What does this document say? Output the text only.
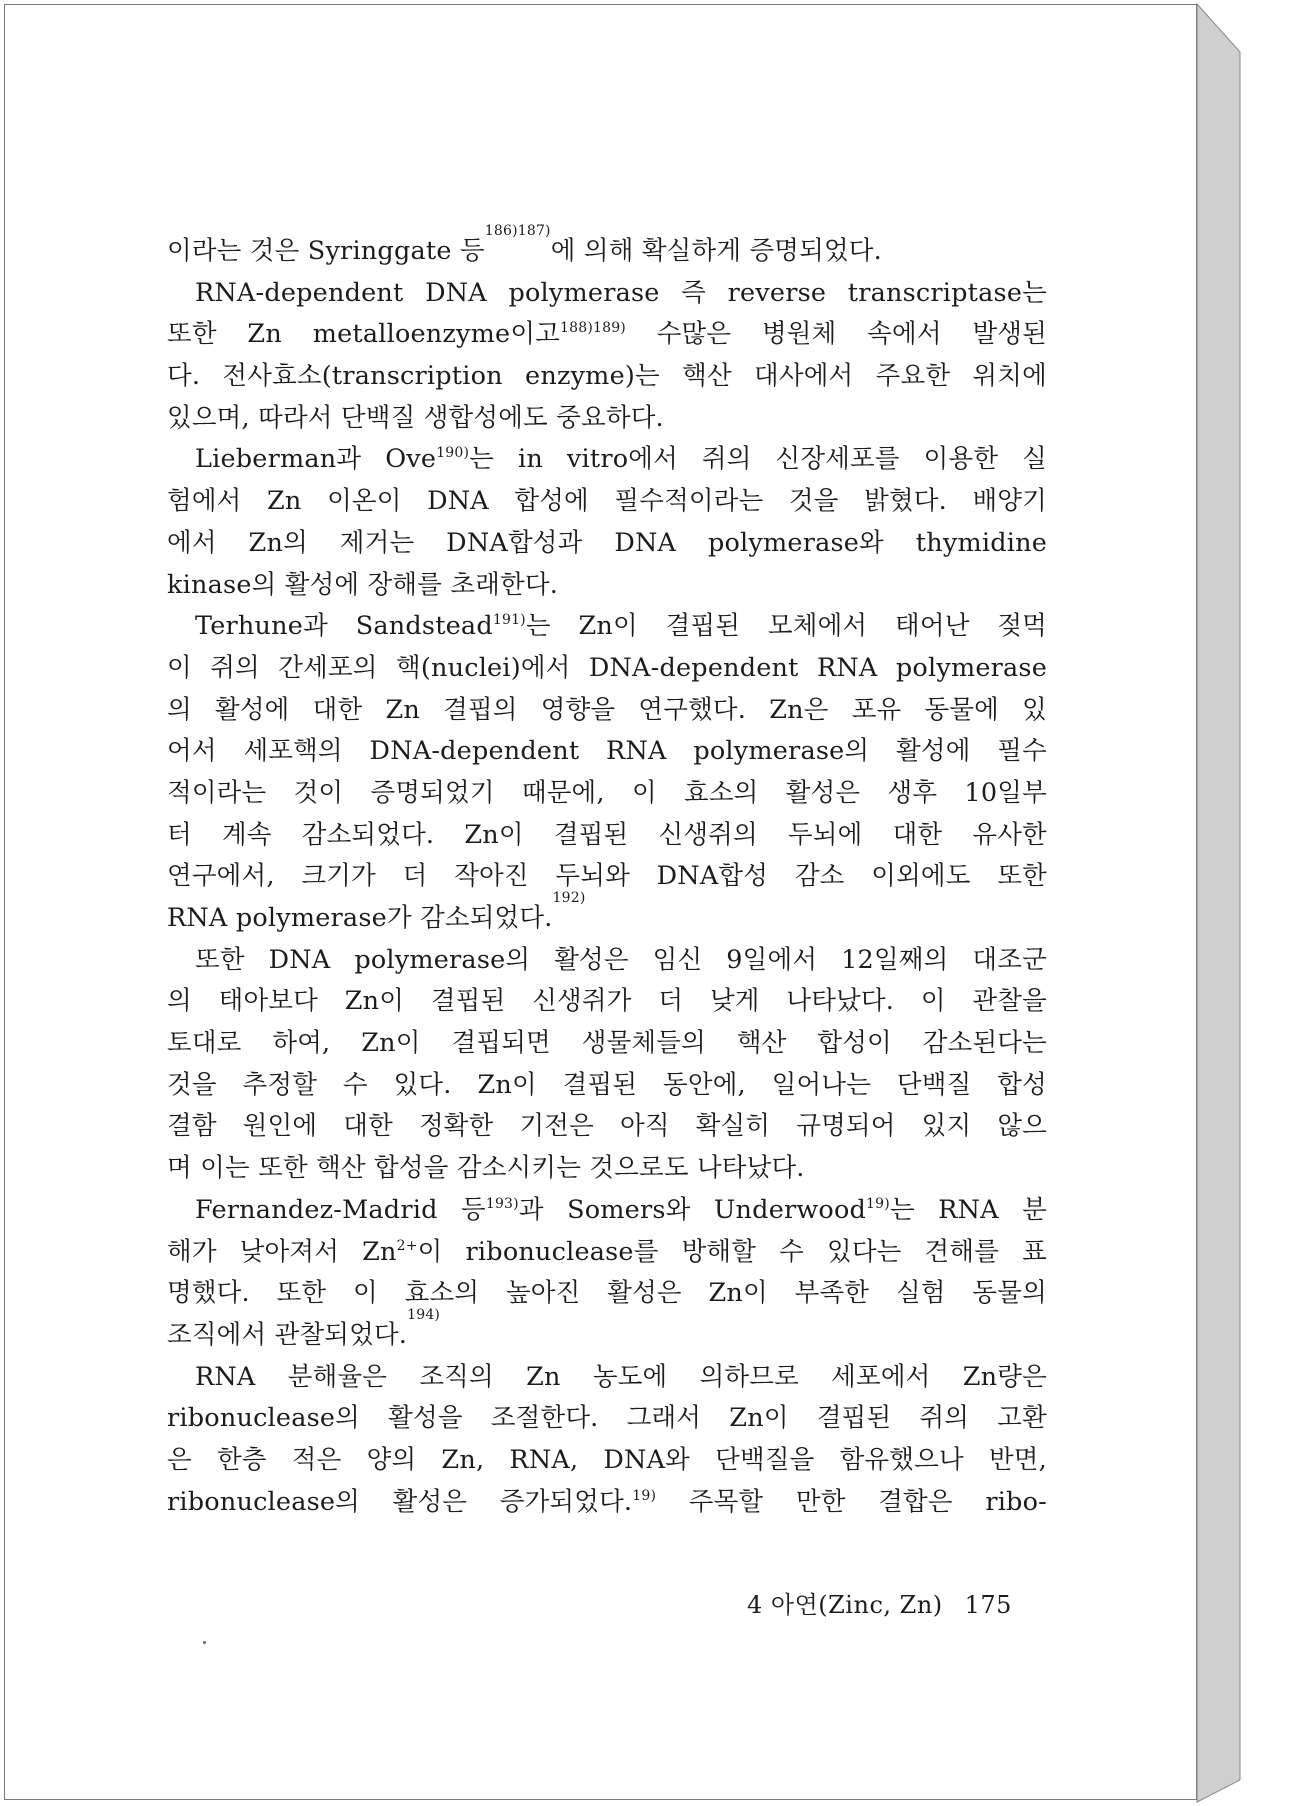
이라는 것은 Syringgate 등
186)187)
에 의해 확실하게 증명되었다.
RNA-dependent DNA polymerase 즉 reverse transcriptase는
또한 Zn metalloenzyme이고$^{188)189)}$ 수많은 병원체 속에서 발생된
다. 전사효소(transcription enzyme)는 핵산 대사에서 주요한 위치에
있으며, 따라서 단백질 생합성에도 중요하다.
Lieberman과 Ove$^{190)}$는 in vitro에서 쥐의 신장세포를 이용한 실
험에서 Zn 이온이 DNA 합성에 필수적이라는 것을 밝혔다. 배양기
에서 Zn의 제거는 DNA합성과 DNA polymerase와 thymidine
kinase의 활성에 장해를 초래한다.
Terhune과 Sandstead$^{191)}$는 Zn이 결핍된 모체에서 태어난 젖먹
이 쥐의 간세포의 핵(nuclei)에서 DNA-dependent RNA polymerase
의 활성에 대한 Zn 결핍의 영향을 연구했다. Zn은 포유 동물에 있
어서 세포핵의 DNA-dependent RNA polymerase의 활성에 필수
적이라는 것이 증명되었기 때문에, 이 효소의 활성은 생후 10일부
터 계속 감소되었다. Zn이 결핍된 신생쥐의 두뇌에 대한 유사한
연구에서, 크기가 더 작아진 두뇌와 DNA합성 감소 이외에도 또한
RNA polymerase가 감소되었다.
192)
또한 DNA polymerase의 활성은 임신 9일에서 12일째의 대조군
의 태아보다 Zn이 결핍된 신생쥐가 더 낮게 나타났다. 이 관찰을
토대로 하여, Zn이 결핍되면 생물체들의 핵산 합성이 감소된다는
것을 추정할 수 있다. Zn이 결핍된 동안에, 일어나는 단백질 합성
결함 원인에 대한 정확한 기전은 아직 확실히 규명되어 있지 않으
며 이는 또한 핵산 합성을 감소시키는 것으로도 나타났다.
Fernandez-Madrid 등$^{193)}$과 Somers와 Underwood$^{19)}$는 RNA 분
해가 낮아져서 $Zn^{2+}$이 ribonuclease를 방해할 수 있다는 견해를 표
명했다. 또한 이 효소의 높아진 활성은 Zn이 부족한 실험 동물의
조직에서 관찰되었다.
194)
RNA 분해율은 조직의 Zn 농도에 의하므로 세포에서 Zn량은
ribonuclease의 활성을 조절한다. 그래서 Zn이 결핍된 쥐의 고환
은 한층 적은 양의 Zn, RNA, DNA와 단백질을 함유했으나 반면,
ribonuclease의 활성은 증가되었다.$^{19)}$ 주목할 만한 결합은 ribo-
4 아연(Zinc, Zn) 175
